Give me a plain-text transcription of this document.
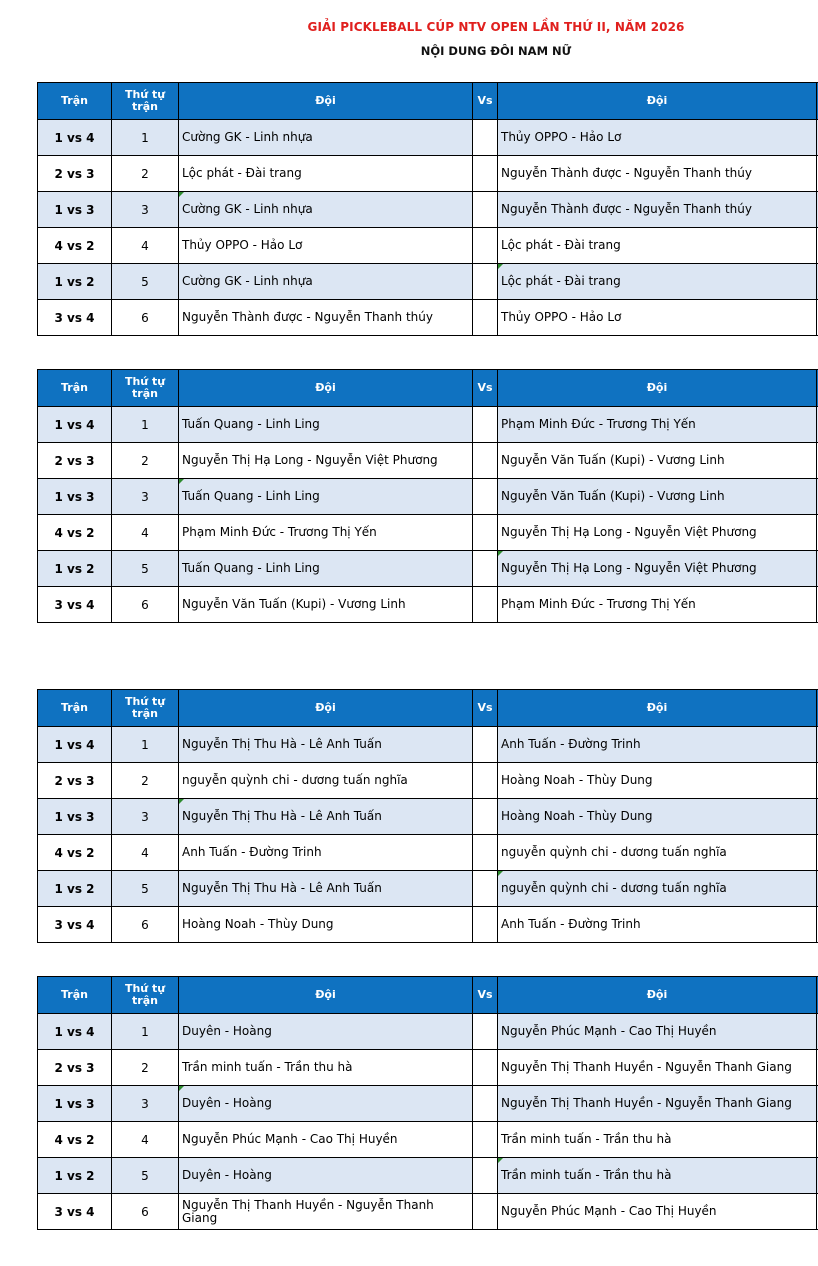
GIẢI PICKLEBALL CÚP NTV OPEN LẦN THỨ II, NĂM 2026
NỘI DUNG ĐÔI NAM NỮ
Trận	Thứ tự trận	Đội	Vs	Đội	
1 vs 4	1	Cường GK - Linh nhựa		Thủy OPPO - Hảo Lơ	
2 vs 3	2	Lộc phát - Đài trang		Nguyễn Thành được - Nguyễn Thanh thúy	
1 vs 3	3	Cường GK - Linh nhựa		Nguyễn Thành được - Nguyễn Thanh thúy	
4 vs 2	4	Thủy OPPO - Hảo Lơ		Lộc phát - Đài trang	
1 vs 2	5	Cường GK - Linh nhựa		Lộc phát - Đài trang	
3 vs 4	6	Nguyễn Thành được - Nguyễn Thanh thúy		Thủy OPPO - Hảo Lơ	
Trận	Thứ tự trận	Đội	Vs	Đội	
1 vs 4	1	Tuấn Quang - Linh Ling		Phạm Minh Đức - Trương Thị Yến	
2 vs 3	2	Nguyễn Thị Hạ Long - Nguyễn Việt Phương		Nguyễn Văn Tuấn (Kupi) - Vương Linh	
1 vs 3	3	Tuấn Quang - Linh Ling		Nguyễn Văn Tuấn (Kupi) - Vương Linh	
4 vs 2	4	Phạm Minh Đức - Trương Thị Yến		Nguyễn Thị Hạ Long - Nguyễn Việt Phương	
1 vs 2	5	Tuấn Quang - Linh Ling		Nguyễn Thị Hạ Long - Nguyễn Việt Phương	
3 vs 4	6	Nguyễn Văn Tuấn (Kupi) - Vương Linh		Phạm Minh Đức - Trương Thị Yến	
Trận	Thứ tự trận	Đội	Vs	Đội	
1 vs 4	1	Nguyễn Thị Thu Hà - Lê Anh Tuấn		Anh Tuấn - Đường Trinh	
2 vs 3	2	nguyễn quỳnh chi - dương tuấn nghĩa		Hoàng Noah - Thùy Dung	
1 vs 3	3	Nguyễn Thị Thu Hà - Lê Anh Tuấn		Hoàng Noah - Thùy Dung	
4 vs 2	4	Anh Tuấn - Đường Trinh		nguyễn quỳnh chi - dương tuấn nghĩa	
1 vs 2	5	Nguyễn Thị Thu Hà - Lê Anh Tuấn		nguyễn quỳnh chi - dương tuấn nghĩa	
3 vs 4	6	Hoàng Noah - Thùy Dung		Anh Tuấn - Đường Trinh	
Trận	Thứ tự trận	Đội	Vs	Đội	
1 vs 4	1	Duyên - Hoàng		Nguyễn Phúc Mạnh - Cao Thị Huyền	
2 vs 3	2	Trần minh tuấn - Trần thu hà		Nguyễn Thị Thanh Huyền - Nguyễn Thanh Giang	
1 vs 3	3	Duyên - Hoàng		Nguyễn Thị Thanh Huyền - Nguyễn Thanh Giang	
4 vs 2	4	Nguyễn Phúc Mạnh - Cao Thị Huyền		Trần minh tuấn - Trần thu hà	
1 vs 2	5	Duyên - Hoàng		Trần minh tuấn - Trần thu hà	
3 vs 4	6	Nguyễn Thị Thanh Huyền - Nguyễn Thanh Giang		Nguyễn Phúc Mạnh - Cao Thị Huyền	
